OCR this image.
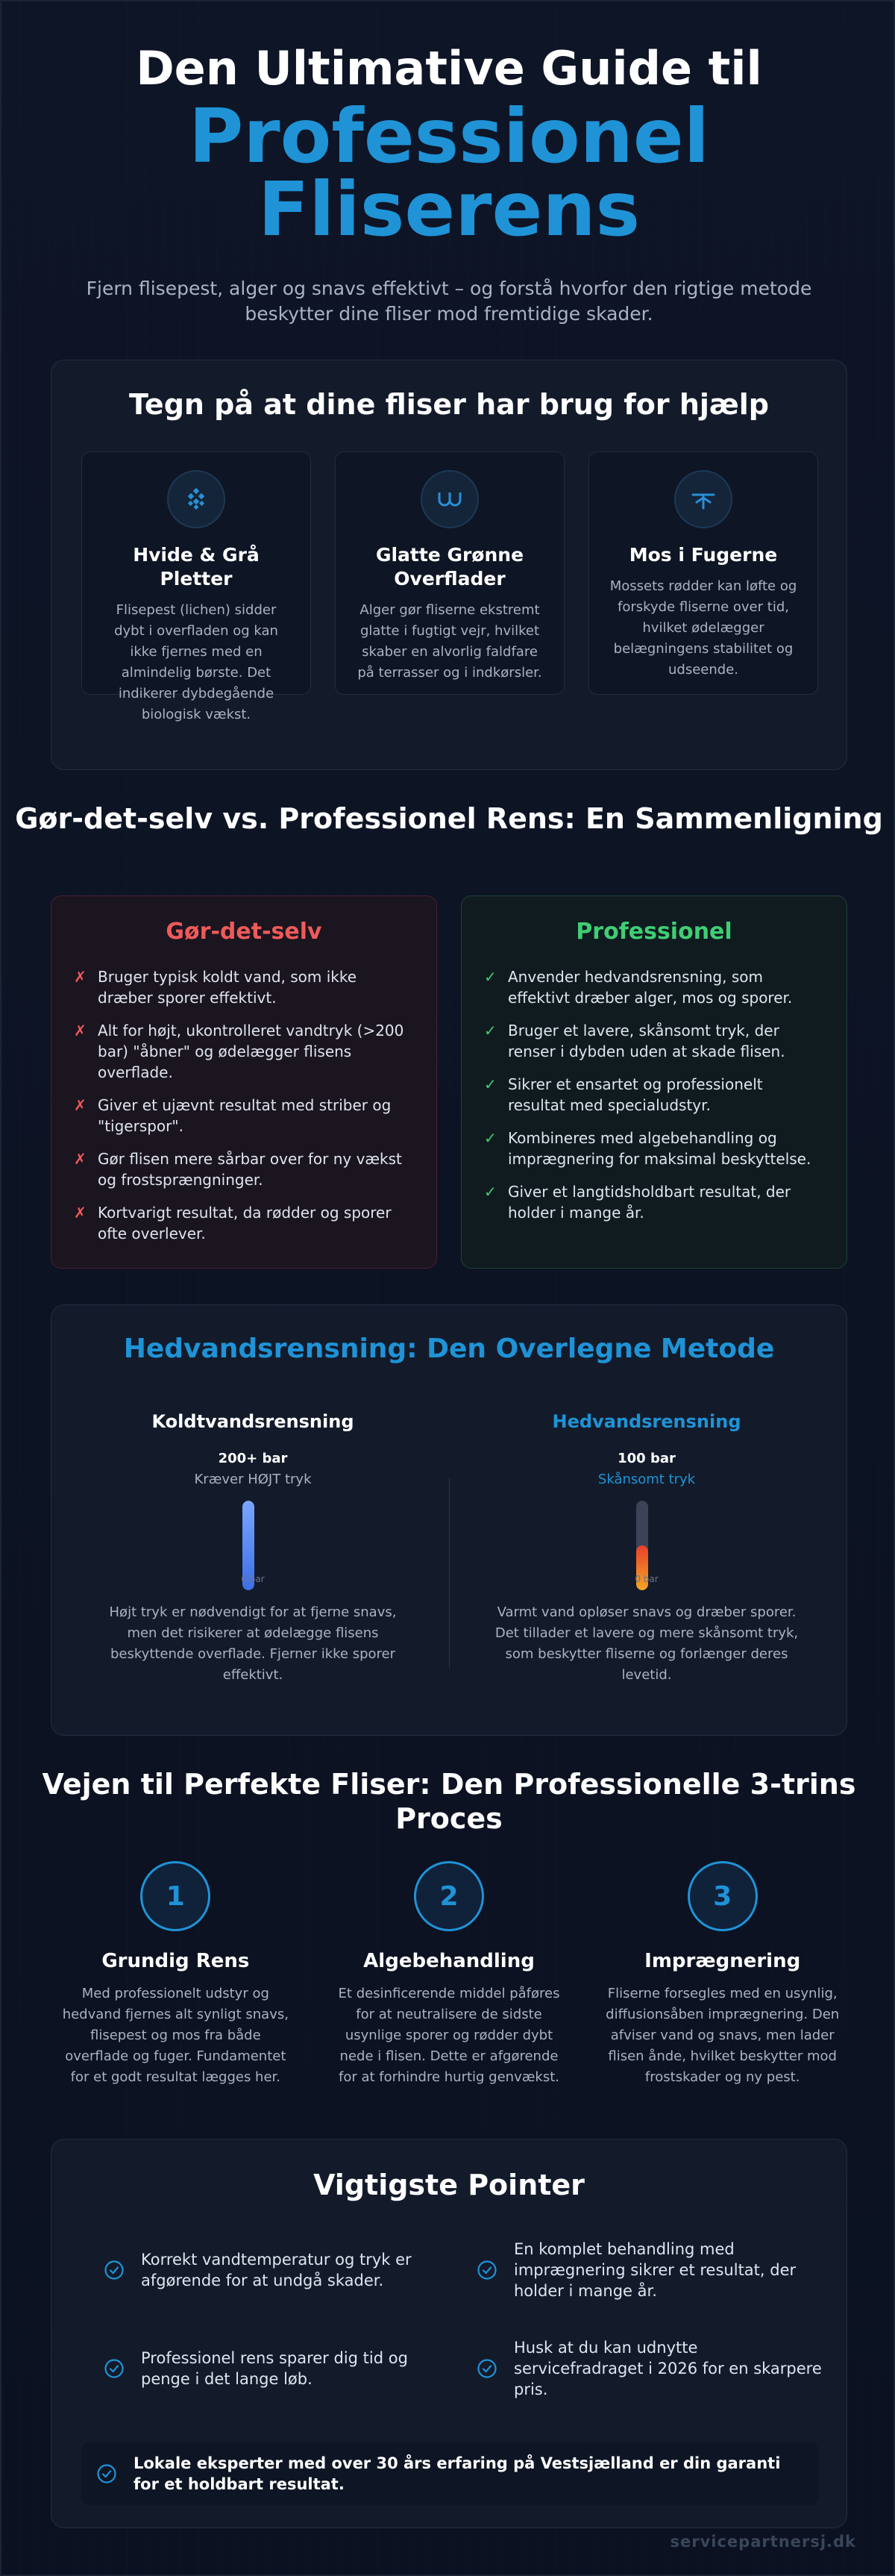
Den Ultimative Guide til
Professionel
Fliserens
Fjern flisepest, alger og snavs effektivt – og forstå hvorfor den rigtige metode beskytter dine fliser mod fremtidige skader.
Tegn på at dine fliser har brug for hjælp
Hvide & Grå Pletter
Flisepest (lichen) sidder dybt i overfladen og kan ikke fjernes med en almindelig børste. Det indikerer dybdegående biologisk vækst.
Glatte Grønne Overflader
Alger gør fliserne ekstremt glatte i fugtigt vejr, hvilket skaber en alvorlig faldfare på terrasser og i indkørsler.
Mos i Fugerne
Mossets rødder kan løfte og forskyde fliserne over tid, hvilket ødelægger belægningens stabilitet og udseende.
Gør-det-selv vs. Professionel Rens: En Sammenligning
Gør-det-selv
✗ Bruger typisk koldt vand, som ikke dræber sporer effektivt.
✗ Alt for højt, ukontrolleret vandtryk (>200 bar) "åbner" og ødelægger flisens overflade.
✗ Giver et ujævnt resultat med striber og "tigerspor".
✗ Gør flisen mere sårbar over for ny vækst og frostsprængninger.
✗ Kortvarigt resultat, da rødder og sporer ofte overlever.
Professionel
✓ Anvender hedvandsrensning, som effektivt dræber alger, mos og sporer.
✓ Bruger et lavere, skånsomt tryk, der renser i dybden uden at skade flisen.
✓ Sikrer et ensartet og professionelt resultat med specialudstyr.
✓ Kombineres med algebehandling og imprægnering for maksimal beskyttelse.
✓ Giver et langtidsholdbart resultat, der holder i mange år.
Hedvandsrensning: Den Overlegne Metode
Koldtvandsrensning
200+ bar
Kræver HØJT tryk
0 bar
Højt tryk er nødvendigt for at fjerne snavs, men det risikerer at ødelægge flisens beskyttende overflade. Fjerner ikke sporer effektivt.
Hedvandsrensning
100 bar
Skånsomt tryk
0 bar
Varmt vand opløser snavs og dræber sporer. Det tillader et lavere og mere skånsomt tryk, som beskytter fliserne og forlænger deres levetid.
Vejen til Perfekte Fliser: Den Professionelle 3-trins Proces
1
Grundig Rens
Med professionelt udstyr og hedvand fjernes alt synligt snavs, flisepest og mos fra både overflade og fuger. Fundamentet for et godt resultat lægges her.
2
Algebehandling
Et desinficerende middel påføres for at neutralisere de sidste usynlige sporer og rødder dybt nede i flisen. Dette er afgørende for at forhindre hurtig genvækst.
3
Imprægnering
Fliserne forsegles med en usynlig, diffusionsåben imprægnering. Den afviser vand og snavs, men lader flisen ånde, hvilket beskytter mod frostskader og ny pest.
Vigtigste Pointer
Korrekt vandtemperatur og tryk er afgørende for at undgå skader.
En komplet behandling med imprægnering sikrer et resultat, der holder i mange år.
Professionel rens sparer dig tid og penge i det lange løb.
Husk at du kan udnytte servicefradraget i 2026 for en skarpere pris.
Lokale eksperter med over 30 års erfaring på Vestsjælland er din garanti for et holdbart resultat.
servicepartnersj.dk
